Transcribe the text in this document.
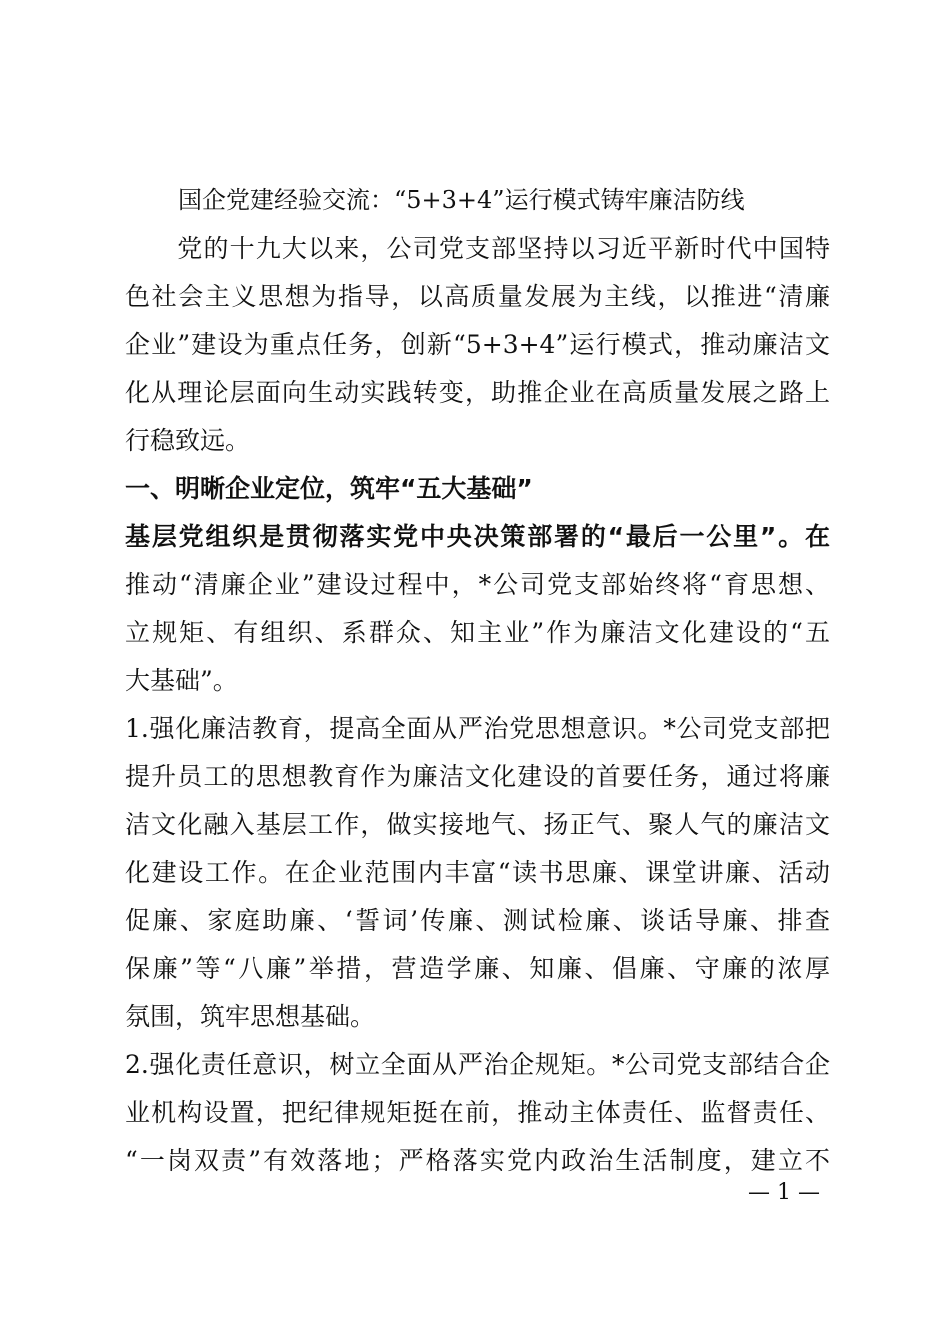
国企党建经验交流：“5+3+4”运行模式铸牢廉洁防线
　　党的十九大以来，公司党支部坚持以习近平新时代中国特
色社会主义思想为指导，以高质量发展为主线，以推进“清廉
企业”建设为重点任务，创新“5+3+4”运行模式，推动廉洁文
化从理论层面向生动实践转变，助推企业在高质量发展之路上
行稳致远。
一、明晰企业定位，筑牢“五大基础”
基层党组织是贯彻落实党中央决策部署的“最后一公里”。在
推动“清廉企业”建设过程中，*公司党支部始终将“育思想、
立规矩、有组织、系群众、知主业”作为廉洁文化建设的“五
大基础”。
1.强化廉洁教育，提高全面从严治党思想意识。*公司党支部把
提升员工的思想教育作为廉洁文化建设的首要任务，通过将廉
洁文化融入基层工作，做实接地气、扬正气、聚人气的廉洁文
化建设工作。在企业范围内丰富“读书思廉、课堂讲廉、活动
促廉、家庭助廉、‘誓词’传廉、测试检廉、谈话导廉、排查
保廉”等“八廉”举措，营造学廉、知廉、倡廉、守廉的浓厚
氛围，筑牢思想基础。
2.强化责任意识，树立全面从严治企规矩。*公司党支部结合企
业机构设置，把纪律规矩挺在前，推动主体责任、监督责任、
“一岗双责”有效落地；严格落实党内政治生活制度，建立不
— 1 —
